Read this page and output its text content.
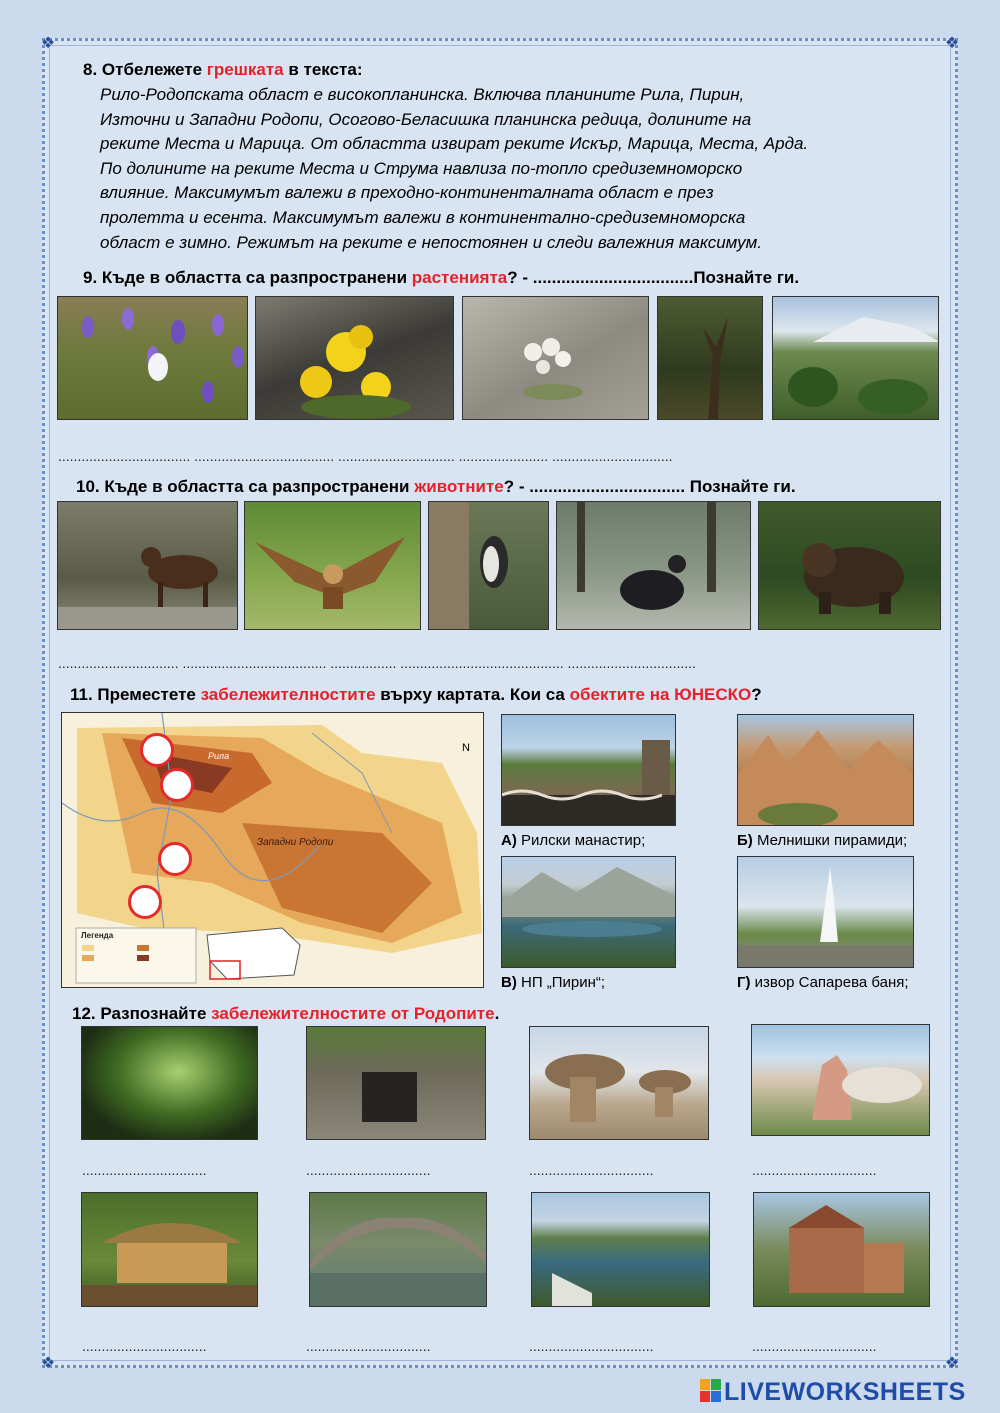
❖	❖
❖	❖
8. Отбележете грешката в текста:
Рило-Родопската област е високопланинска. Включва планините Рила, Пирин,
Източни и Западни Родопи, Осогово-Беласишка планинска редица, долините на
реките Места и Марица. От областта извират реките Искър, Марица, Места, Арда.
По долините на реките Места и Струма навлиза по-топло средиземноморско
влияние. Максимумът валежи в преходно-континенталната област е през
пролетта и есента. Максимумът валежи в континентално-средиземноморска
област е зимно. Режимът на реките е непостоянен и следи валежния максимум.
9. Къде в областта са разпространени растенията? - ..................................Познайте ги.
.................................. .................................... .............................. ....................... ...............................
10. Къде в областта са разпространени животните? - ................................. Познайте ги.
............................... ..................................... ................. .......................................... .................................
11. Преместете забележителностите върху картата. Кои са обектите на ЮНЕСКО?
N
Рила
Западни Родопи
Легенда
А) Рилски манастир;	Б) Мелнишки пирамиди;
В) НП „Пирин“;	Г) извор Сапарева баня;
12. Разпознайте забележителностите от Родопите.
................................	................................	................................	................................
................................	................................	................................	................................
LIVEWORKSHEETS
